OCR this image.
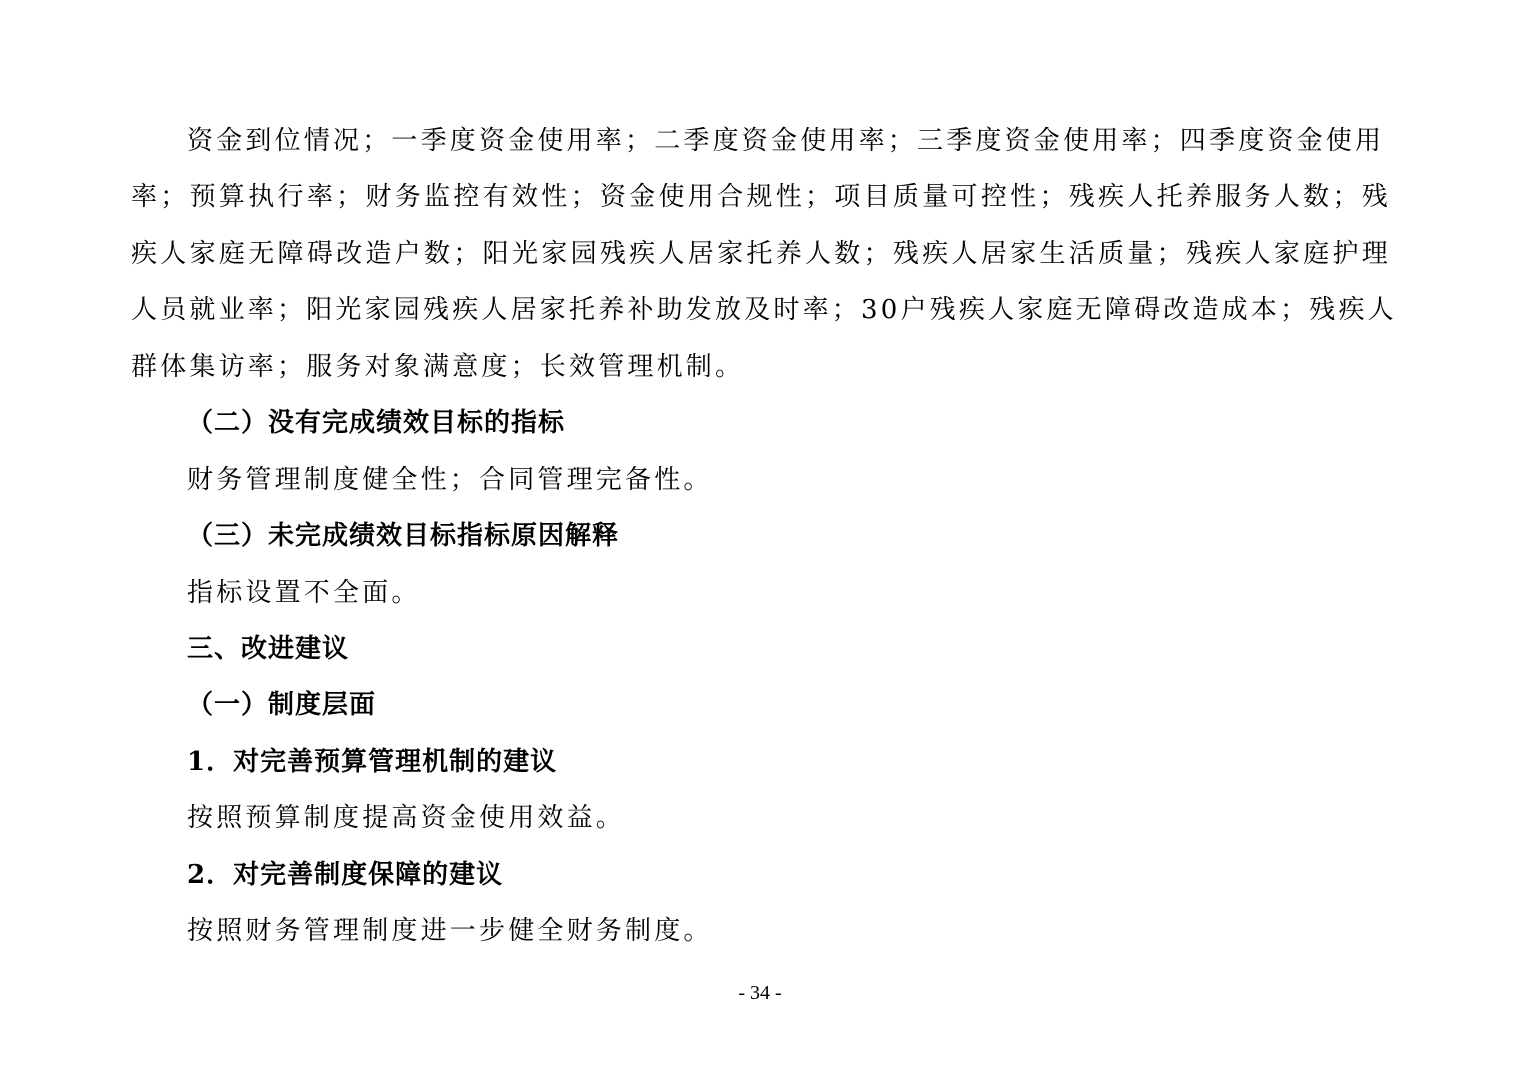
资金到位情况；一季度资金使用率；二季度资金使用率；三季度资金使用率；四季度资金使用
率；预算执行率；财务监控有效性；资金使用合规性；项目质量可控性；残疾人托养服务人数；残
疾人家庭无障碍改造户数；阳光家园残疾人居家托养人数；残疾人居家生活质量；残疾人家庭护理
人员就业率；阳光家园残疾人居家托养补助发放及时率；30户残疾人家庭无障碍改造成本；残疾人
群体集访率；服务对象满意度；长效管理机制。
（二）没有完成绩效目标的指标
财务管理制度健全性；合同管理完备性。
（三）未完成绩效目标指标原因解释
指标设置不全面。
三、改进建议
（一）制度层面
1．对完善预算管理机制的建议
按照预算制度提高资金使用效益。
2．对完善制度保障的建议
按照财务管理制度进一步健全财务制度。
- 34 -
